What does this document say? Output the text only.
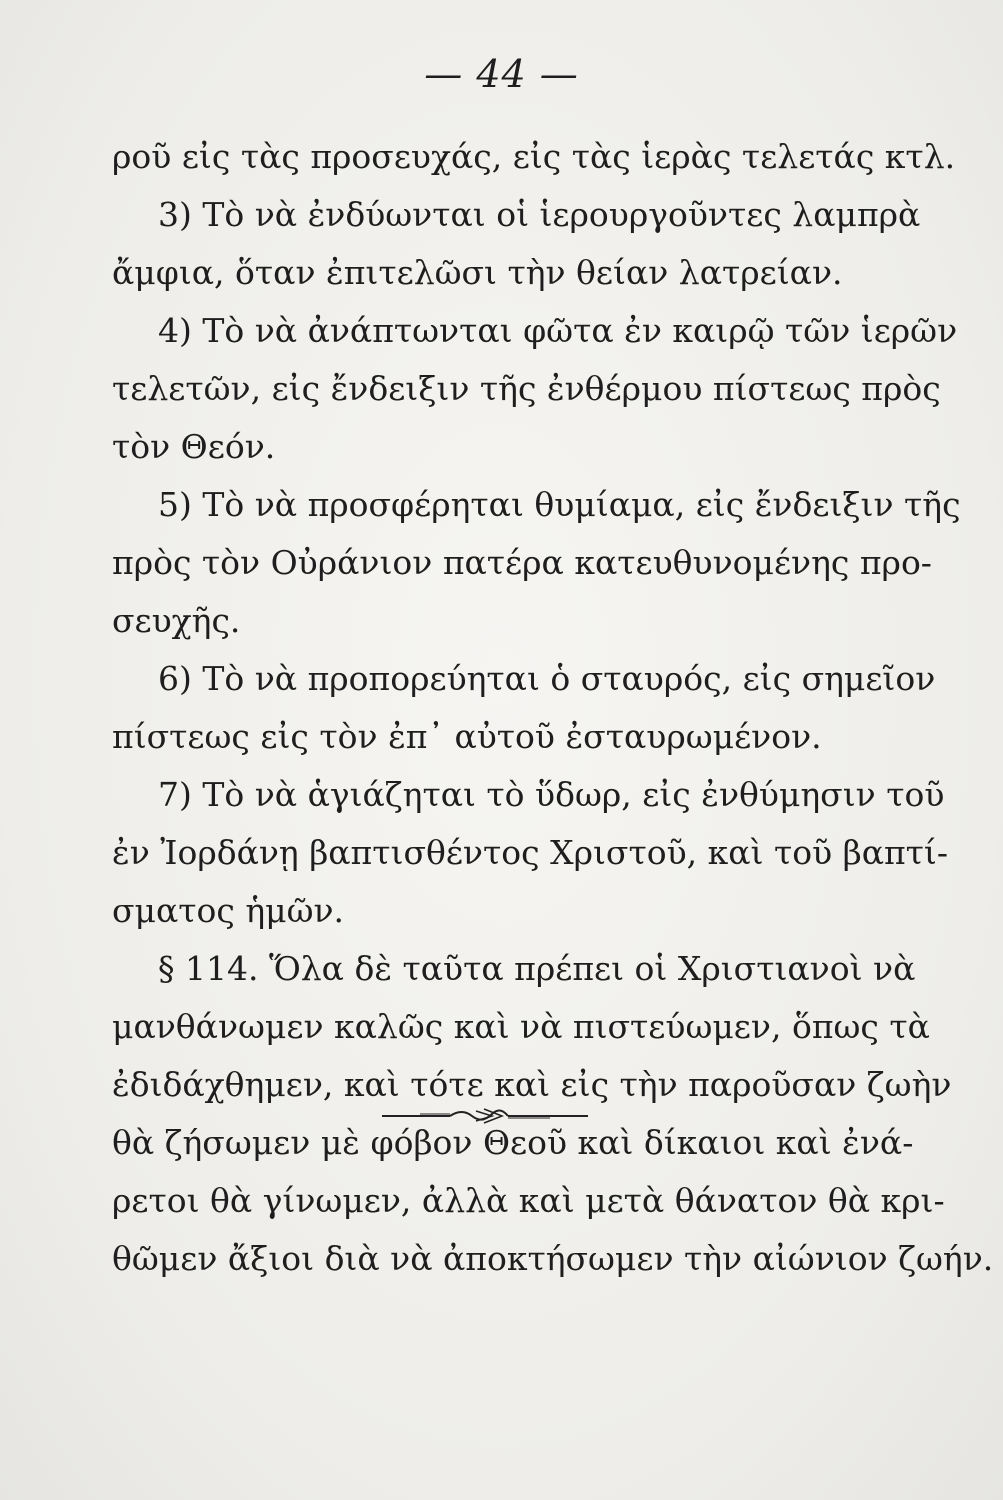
— 44 —
ροῦ εἰς τὰς προσευχάς, εἰς τὰς ἱερὰς τελετάς κτλ.
3) Τὸ νὰ ἐνδύωνται οἱ ἱερουργοῦντες λαμπρὰ
ἄμφια, ὅταν ἐπιτελῶσι τὴν θείαν λατρείαν.
4) Τὸ νὰ ἀνάπτωνται φῶτα ἐν καιρῷ τῶν ἱερῶν
τελετῶν, εἰς ἔνδειξιν τῆς ἐνθέρμου πίστεως πρὸς
τὸν Θεόν.
5) Τὸ νὰ προσφέρηται θυμίαμα, εἰς ἔνδειξιν τῆς
πρὸς τὸν Οὐράνιον πατέρα κατευθυνομένης προ-
σευχῆς.
6) Τὸ νὰ προπορεύηται ὁ σταυρός, εἰς σημεῖον
πίστεως εἰς τὸν ἐπ᾿ αὐτοῦ ἐσταυρωμένον.
7) Τὸ νὰ ἁγιάζηται τὸ ὕδωρ, εἰς ἐνθύμησιν τοῦ
ἐν Ἰορδάνῃ βαπτισθέντος Χριστοῦ, καὶ τοῦ βαπτί-
σματος ἡμῶν.
§ 114. Ὅλα δὲ ταῦτα πρέπει οἱ Χριστιανοὶ νὰ
μανθάνωμεν καλῶς καὶ νὰ πιστεύωμεν, ὅπως τὰ
ἐδιδάχθημεν, καὶ τότε καὶ εἰς τὴν παροῦσαν ζωὴν
θὰ ζήσωμεν μὲ φόβον Θεοῦ καὶ δίκαιοι καὶ ἐνά-
ρετοι θὰ γίνωμεν, ἀλλὰ καὶ μετὰ θάνατον θὰ κρι-
θῶμεν ἄξιοι διὰ νὰ ἀποκτήσωμεν τὴν αἰώνιον ζωήν.
